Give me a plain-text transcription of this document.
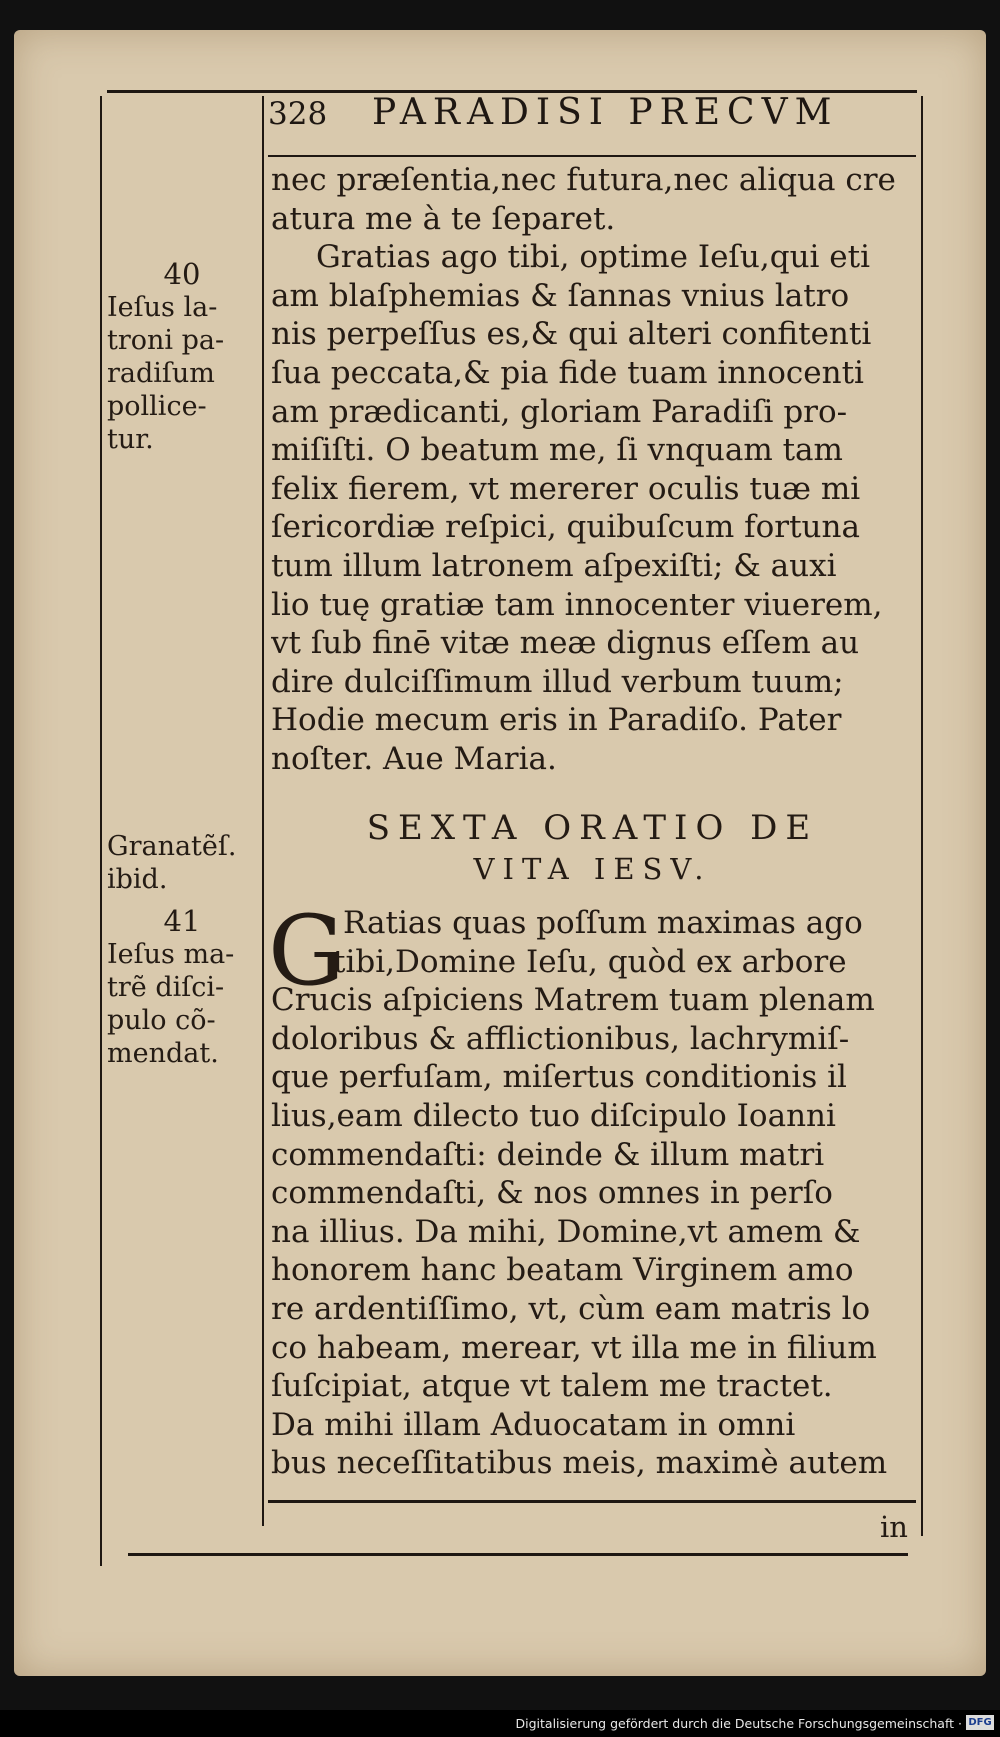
328 PARADISI PRECVM
nec præſentia,nec futura,nec aliqua cre
atura me à te ſeparet.
Gratias ago tibi, optime Ieſu,qui eti
am blaſphemias & ſannas vnius latro
nis perpeſſus es,& qui alteri confitenti
ſua peccata,& pia fide tuam innocenti
am prædicanti, gloriam Paradiſi pro-
miſiſti. O beatum me, ſi vnquam tam
felix fierem, vt mererer oculis tuæ mi
ſericordiæ reſpici, quibuſcum fortuna
tum illum latronem aſpexiſti; & auxi
lio tuę gratiæ tam innocenter viuerem,
vt ſub finē vitæ meæ dignus eſſem au
dire dulciſſimum illud verbum tuum;
Hodie mecum eris in Paradiſo. Pater
noſter. Aue Maria.
SEXTA ORATIO DE
VITA IESV.
G
Ratias quas poſſum maximas ago
tibi,Domine Ieſu, quòd ex arbore
Crucis aſpiciens Matrem tuam plenam
doloribus & afflictionibus, lachrymiſ-
que perfuſam, miſertus conditionis il
lius,eam dilecto tuo diſcipulo Ioanni
commendaſti: deinde & illum matri
commendaſti, & nos omnes in perſo
na illius. Da mihi, Domine,vt amem &
honorem hanc beatam Virginem amo
re ardentiſſimo, vt, cùm eam matris lo
co habeam, merear, vt illa me in filium
ſuſcipiat, atque vt talem me tractet.
Da mihi illam Aduocatam in omni
bus neceſſitatibus meis, maximè autem
in
40
Ieſus la-
troni pa-
radiſum
pollice-
tur.
Granatẽſ.
ibid.
41
Ieſus ma-
trẽ diſci-
pulo cõ-
mendat.
Digitalisierung gefördert durch die Deutsche Forschungsgemeinschaft · DFG
